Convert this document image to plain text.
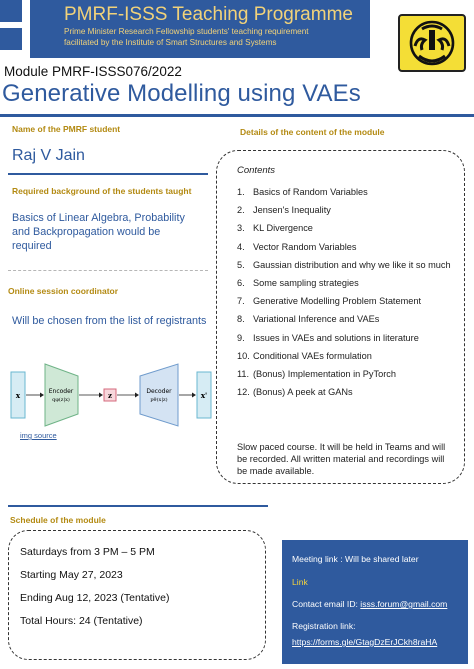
PMRF-ISSS Teaching Programme
Prime Minister Research Fellowship students' teaching requirement
facilitated by the Institute of Smart Structures and Systems
Module PMRF-ISSS076/2022
Generative Modelling using VAEs
Name of the PMRF student
Raj V Jain
Required background of the students taught
Basics of Linear Algebra, Probability and Backpropagation would be required
Online session coordinator
Will be chosen from the list of registrants
x	Encoder
qφ(z|x)	z	Decoder
pθ(x|z)	x'
img source
Details of the content of the module
Contents
1. Basics of Random Variables
2. Jensen's Inequality
3. KL Divergence
4. Vector Random Variables
5. Gaussian distribution and why we like it so much
6. Some sampling strategies
7. Generative Modelling Problem Statement
8. Variational Inference and VAEs
9. Issues in VAEs and solutions in literature
10. Conditional VAEs formulation
11. (Bonus) Implementation in PyTorch
12. (Bonus) A peek at GANs
Slow paced course. It will be held in Teams and will be recorded. All written material and recordings will be made available.
Schedule of the module
Saturdays from 3 PM – 5 PM
Starting May 27, 2023
Ending Aug 12, 2023 (Tentative)
Total Hours: 24 (Tentative)
Meeting link : Will be shared later
Link
Contact email ID: isss.forum@gmail.com
Registration link:
https://forms.gle/GtagDzErJCkh8raHA
